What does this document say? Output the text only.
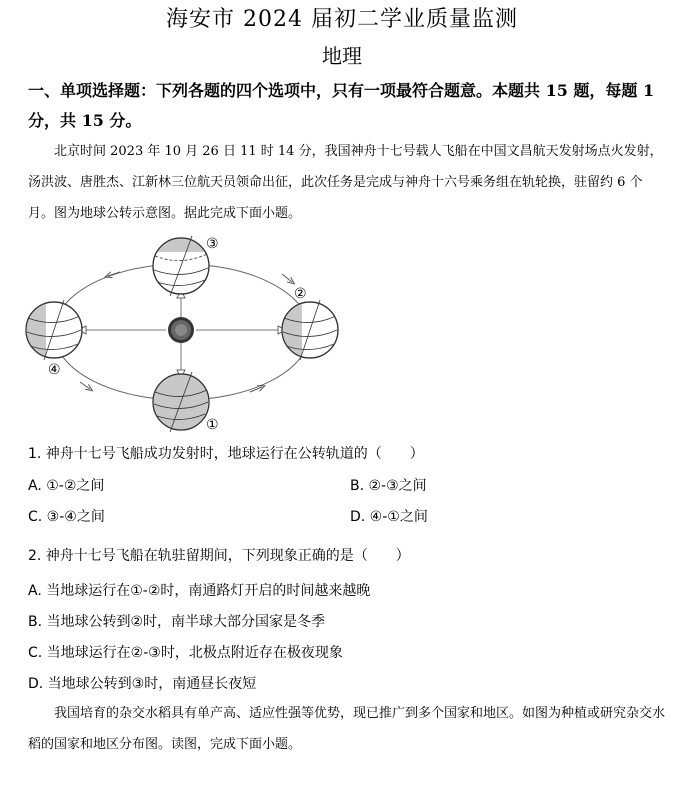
海安市 2024 届初二学业质量监测
地理
一、单项选择题：下列各题的四个选项中，只有一项最符合题意。本题共 15 题，每题 1 分，共 15 分。
北京时间 2023 年 10 月 26 日 11 时 14 分，我国神舟十七号载人飞船在中国文昌航天发射场点火发射，汤洪波、唐胜杰、江新林三位航天员领命出征，此次任务是完成与神舟十六号乘务组在轨轮换，驻留约 6 个月。图为地球公转示意图。据此完成下面小题。
①
②
③
④
1. 神舟十七号飞船成功发射时，地球运行在公转轨道的（　　）
A. ①-②之间	B. ②-③之间
C. ③-④之间	D. ④-①之间
2. 神舟十七号飞船在轨驻留期间，下列现象正确的是（　　）
A. 当地球运行在①-②时，南通路灯开启的时间越来越晚
B. 当地球公转到②时，南半球大部分国家是冬季
C. 当地球运行在②-③时，北极点附近存在极夜现象
D. 当地球公转到③时，南通昼长夜短
我国培育的杂交水稻具有单产高、适应性强等优势，现已推广到多个国家和地区。如图为种植或研究杂交水稻的国家和地区分布图。读图，完成下面小题。
